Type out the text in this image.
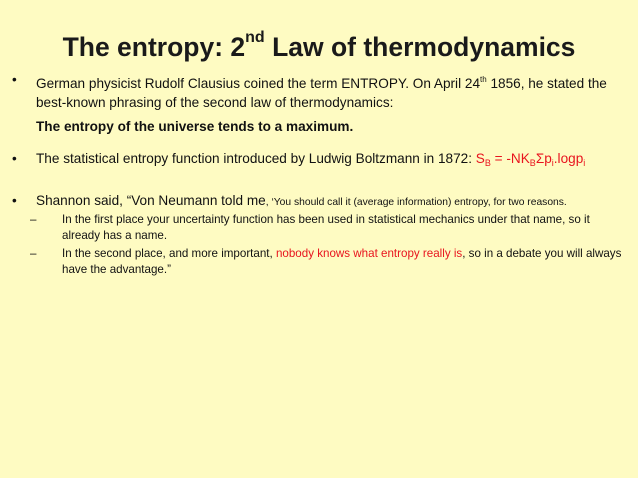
The entropy: 2nd Law of thermodynamics
• German physicist Rudolf Clausius coined the term ENTROPY. On April 24th 1856, he stated the best-known phrasing of the second law of thermodynamics:
The entropy of the universe tends to a maximum.
• The statistical entropy function introduced by Ludwig Boltzmann in 1872: $S_B = -NK_B\Sigma p_i.\log p_i$
• Shannon said, “Von Neumann told me, ‘You should call it (average information) entropy, for two reasons.
– In the first place your uncertainty function has been used in statistical mechanics under that name, so it already has a name.
– In the second place, and more important, nobody knows what entropy really is, so in a debate you will always have the advantage.”
